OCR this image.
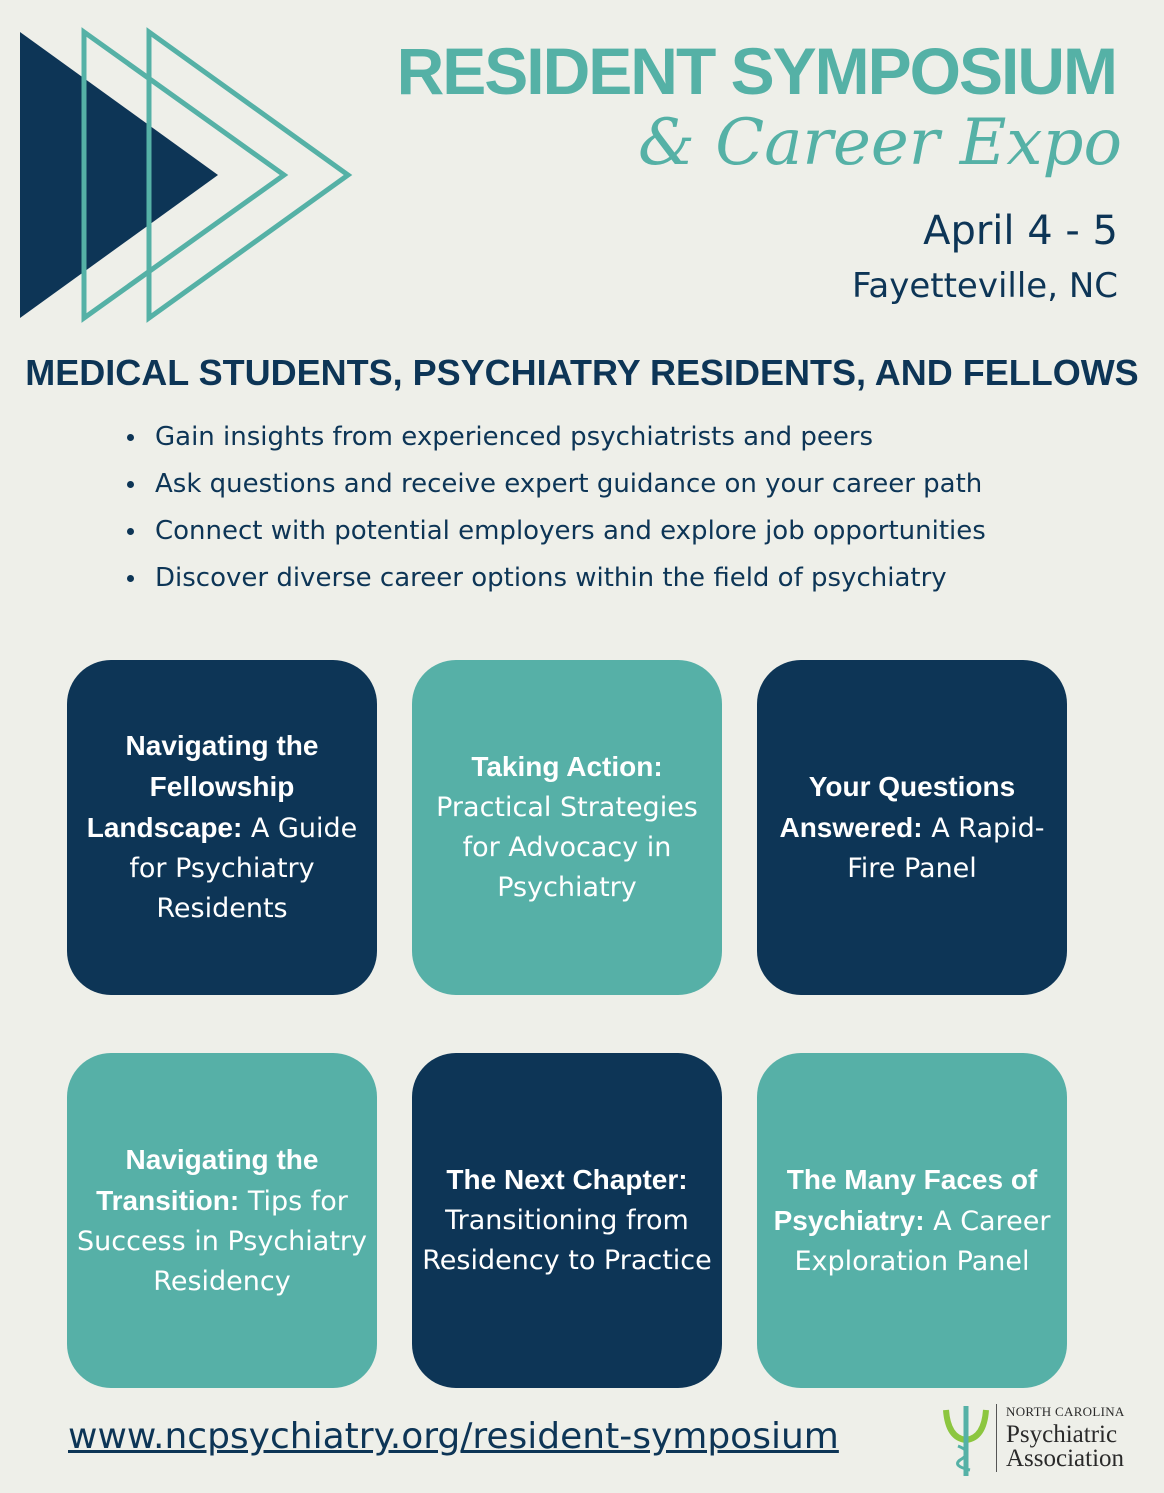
RESIDENT SYMPOSIUM
& Career Expo
April 4 - 5
Fayetteville, NC
MEDICAL STUDENTS, PSYCHIATRY RESIDENTS, AND FELLOWS
Gain insights from experienced psychiatrists and peers
Ask questions and receive expert guidance on your career path
Connect with potential employers and explore job opportunities
Discover diverse career options within the field of psychiatry
Navigating the Fellowship Landscape: A Guide for Psychiatry Residents
Taking Action:
Practical Strategies for Advocacy in Psychiatry
Your Questions Answered: A Rapid-Fire Panel
Navigating the Transition: Tips for Success in Psychiatry Residency
The Next Chapter:
Transitioning from Residency to Practice
The Many Faces of Psychiatry: A Career Exploration Panel
www.ncpsychiatry.org/resident-symposium
NORTH CAROLINA
Psychiatric
Association
